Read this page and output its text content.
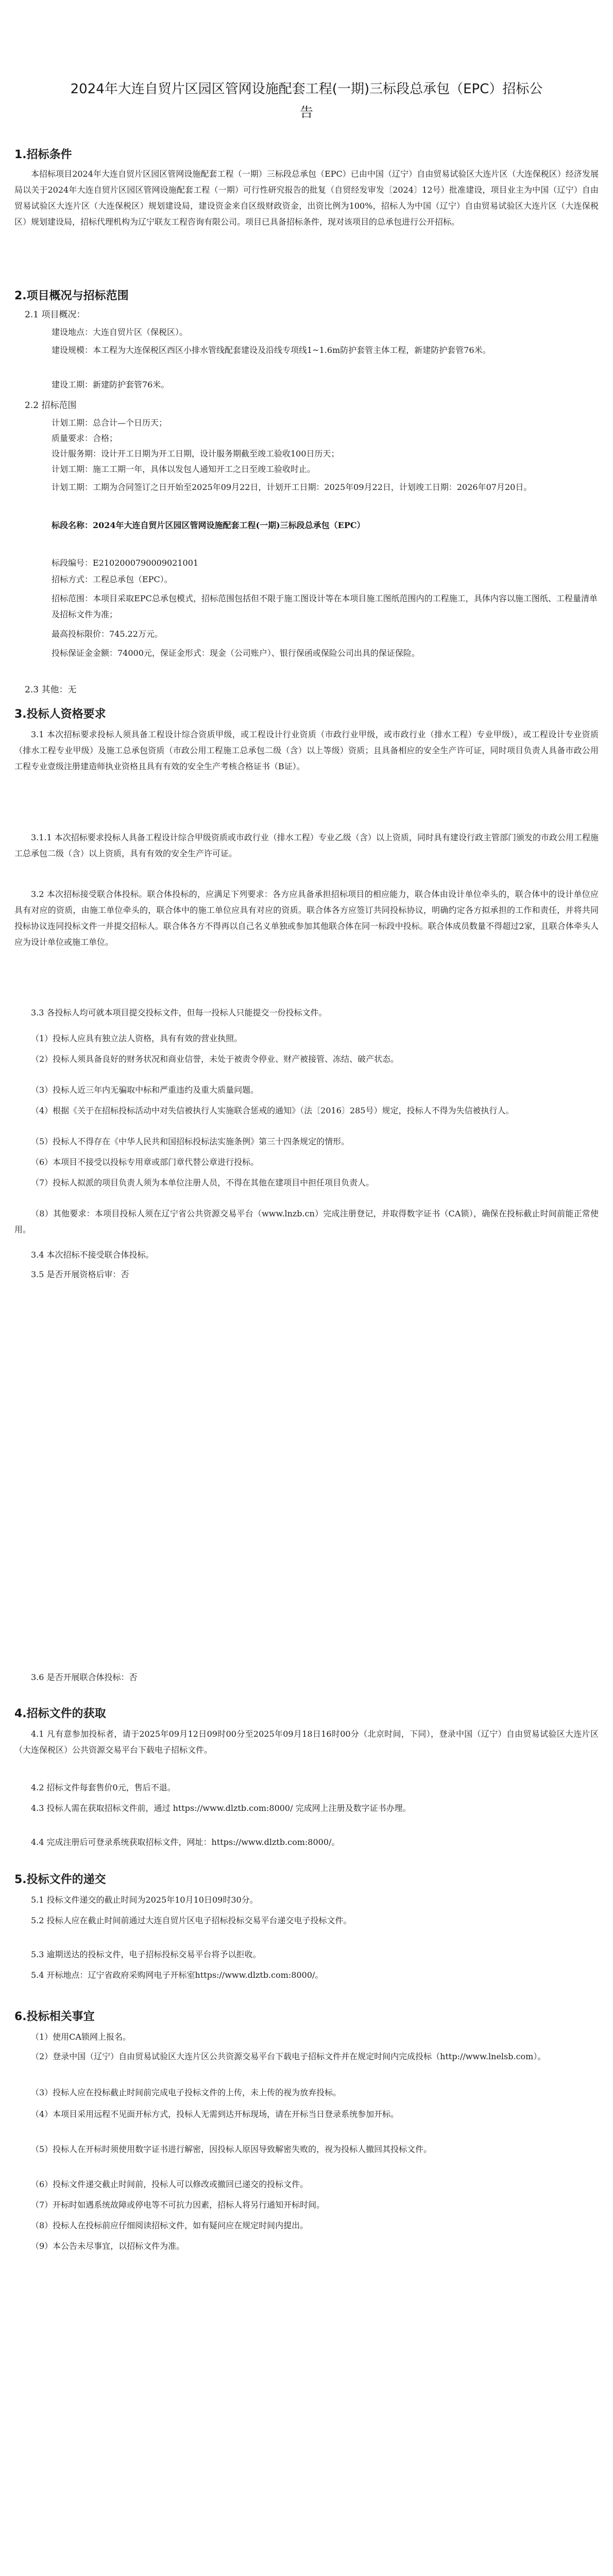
2024年大连自贸片区园区管网设施配套工程(一期)三标段总承包（EPC）招标公
告
1.招标条件

本招标项目2024年大连自贸片区园区管网设施配套工程（一期）三标段总承包（EPC）已由中国（辽宁）自由贸易试验区大连片区（大连保税区）经济发展局以关于2024年大连自贸片区园区管网设施配套工程（一期）可行性研究报告的批复（自贸经发审发〔2024〕12号）批准建设，项目业主为中国（辽宁）自由贸易试验区大连片区（大连保税区）规划建设局，建设资金来自区级财政资金，出资比例为100%，招标人为中国（辽宁）自由贸易试验区大连片区（大连保税区）规划建设局，招标代理机构为辽宁联友工程咨询有限公司。项目已具备招标条件，现对该项目的总承包进行公开招标。

2.项目概况与招标范围
2.1 项目概况：
建设地点：大连自贸片区（保税区）。

建设规模：本工程为大连保税区西区小排水管线配套建设及沿线专项线1~1.6m防护套管主体工程，新建防护套管76米。

建设工期：新建防护套管76米。
2.2 招标范围
计划工期：总合计—个日历天；
质量要求：合格；
设计服务期：设计开工日期为开工日期，设计服务期截至竣工验收100日历天；
计划工期：施工工期一年，具体以发包人通知开工之日至竣工验收时止。

计划工期：工期为合同签订之日开始至2025年09月22日，计划开工日期：2025年09月22日，计划竣工日期：2026年07月20日。

标段名称：2024年大连自贸片区园区管网设施配套工程(一期)三标段总承包（EPC）

标段编号：E2102000790009021001
招标方式：工程总承包（EPC）。

招标范围：本项目采取EPC总承包模式，招标范围包括但不限于施工图设计等在本项目施工图纸范围内的工程施工，具体内容以施工图纸、工程量清单及招标文件为准；

最高投标限价：745.22万元。

投标保证金金额：74000元，保证金形式：现金（公司账户）、银行保函或保险公司出具的保证保险。

2.3 其他：无
3.投标人资格要求

3.1 本次招标要求投标人须具备工程设计综合资质甲级，或工程设计行业资质（市政行业甲级，或市政行业（排水工程）专业甲级），或工程设计专业资质（排水工程专业甲级）及施工总承包资质（市政公用工程施工总承包二级（含）以上等级）资质；且具备相应的安全生产许可证，同时项目负责人具备市政公用工程专业壹级注册建造师执业资格且具有有效的安全生产考核合格证书（B证）。

3.1.1 本次招标要求投标人具备工程设计综合甲级资质或市政行业（排水工程）专业乙级（含）以上资质，同时具有建设行政主管部门颁发的市政公用工程施工总承包二级（含）以上资质，具有有效的安全生产许可证。

3.2 本次招标接受联合体投标。联合体投标的，应满足下列要求：各方应具备承担招标项目的相应能力，联合体由设计单位牵头的，联合体中的设计单位应具有对应的资质，由施工单位牵头的，联合体中的施工单位应具有对应的资质。联合体各方应签订共同投标协议，明确约定各方拟承担的工作和责任，并将共同投标协议连同投标文件一并提交招标人。联合体各方不得再以自己名义单独或参加其他联合体在同一标段中投标。联合体成员数量不得超过2家，且联合体牵头人应为设计单位或施工单位。

3.3 各投标人均可就本项目提交投标文件，但每一投标人只能提交一份投标文件。

（1）投标人应具有独立法人资格，具有有效的营业执照。

（2）投标人须具备良好的财务状况和商业信誉，未处于被责令停业、财产被接管、冻结、破产状态。

（3）投标人近三年内无骗取中标和严重违约及重大质量问题。

（4）根据《关于在招标投标活动中对失信被执行人实施联合惩戒的通知》（法〔2016〕285号）规定，投标人不得为失信被执行人。

（5）投标人不得存在《中华人民共和国招标投标法实施条例》第三十四条规定的情形。

（6）本项目不接受以投标专用章或部门章代替公章进行投标。

（7）投标人拟派的项目负责人须为本单位注册人员，不得在其他在建项目中担任项目负责人。

（8）其他要求：本项目投标人须在辽宁省公共资源交易平台（www.lnzb.cn）完成注册登记，并取得数字证书（CA锁），确保在投标截止时间前能正常使用。

3.4 本次招标不接受联合体投标。

3.5 是否开展资格后审：否

3.6 是否开展联合体投标：否

4.招标文件的获取

4.1 凡有意参加投标者，请于2025年09月12日09时00分至2025年09月18日16时00分（北京时间，下同），登录中国（辽宁）自由贸易试验区大连片区（大连保税区）公共资源交易平台下载电子招标文件。

4.2 招标文件每套售价0元，售后不退。

4.3 投标人需在获取招标文件前，通过 https://www.dlztb.com:8000/ 完成网上注册及数字证书办理。

4.4 完成注册后可登录系统获取招标文件，网址：https://www.dlztb.com:8000/。

5.投标文件的递交

5.1 投标文件递交的截止时间为2025年10月10日09时30分。

5.2 投标人应在截止时间前通过大连自贸片区电子招标投标交易平台递交电子投标文件。

5.3 逾期送达的投标文件，电子招标投标交易平台将予以拒收。

5.4 开标地点：辽宁省政府采购网电子开标室https://www.dlztb.com:8000/。

6.投标相关事宜

（1）使用CA锁网上报名。

（2）登录中国（辽宁）自由贸易试验区大连片区公共资源交易平台下载电子招标文件并在规定时间内完成投标（http://www.lnelsb.com）。

（3）投标人应在投标截止时间前完成电子投标文件的上传，未上传的视为放弃投标。

（4）本项目采用远程不见面开标方式，投标人无需到达开标现场，请在开标当日登录系统参加开标。

（5）投标人在开标时须使用数字证书进行解密，因投标人原因导致解密失败的，视为投标人撤回其投标文件。

（6）投标文件递交截止时间前，投标人可以修改或撤回已递交的投标文件。

（7）开标时如遇系统故障或停电等不可抗力因素，招标人将另行通知开标时间。

（8）投标人在投标前应仔细阅读招标文件，如有疑问应在规定时间内提出。

（9）本公告未尽事宜，以招标文件为准。
